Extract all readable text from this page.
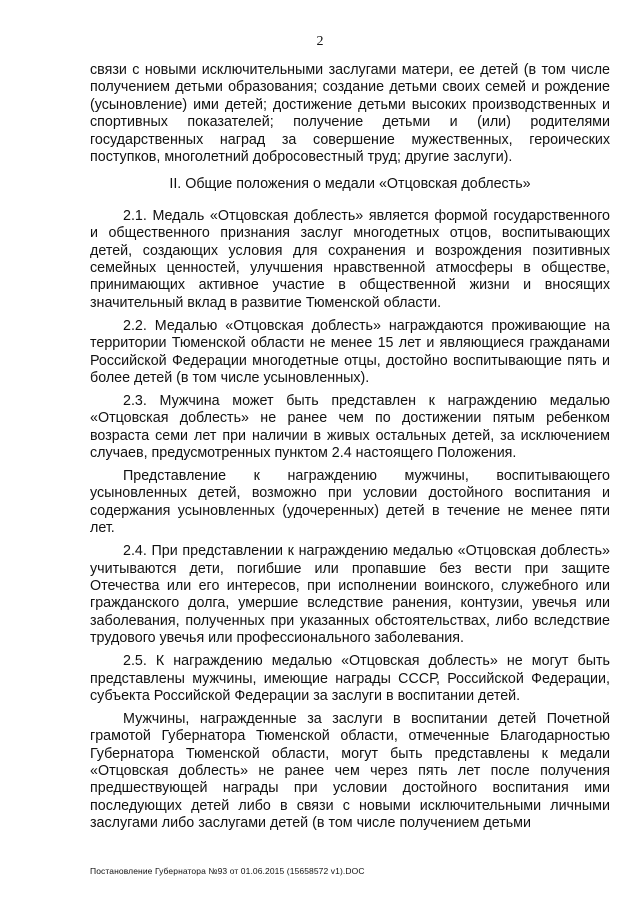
2

связи с новыми исключительными заслугами матери, ее детей (в том числе получением детьми образования; создание детьми своих семей и рождение (усыновление) ими детей; достижение детьми высоких производственных и спортивных показателей; получение детьми и (или) родителями государственных наград за совершение мужественных, героических поступков, многолетний добросовестный труд; другие заслуги).

II. Общие положения о медали «Отцовская доблесть»

2.1. Медаль «Отцовская доблесть» является формой государственного и общественного признания заслуг многодетных отцов, воспитывающих детей, создающих условия для сохранения и возрождения позитивных семейных ценностей, улучшения нравственной атмосферы в обществе, принимающих активное участие в общественной жизни и вносящих значительный вклад в развитие Тюменской области.

2.2. Медалью «Отцовская доблесть» награждаются проживающие на территории Тюменской области не менее 15 лет и являющиеся гражданами Российской Федерации многодетные отцы, достойно воспитывающие пять и более детей (в том числе усыновленных).

2.3. Мужчина может быть представлен к награждению медалью «Отцовская доблесть» не ранее чем по достижении пятым ребенком возраста семи лет при наличии в живых остальных детей, за исключением случаев, предусмотренных пунктом 2.4 настоящего Положения.

Представление к награждению мужчины, воспитывающего усыновленных детей, возможно при условии достойного воспитания и содержания усыновленных (удочеренных) детей в течение не менее пяти лет.

2.4. При представлении к награждению медалью «Отцовская доблесть» учитываются дети, погибшие или пропавшие без вести при защите Отечества или его интересов, при исполнении воинского, служебного или гражданского долга, умершие вследствие ранения, контузии, увечья или заболевания, полученных при указанных обстоятельствах, либо вследствие трудового увечья или профессионального заболевания.

2.5. К награждению медалью «Отцовская доблесть» не могут быть представлены мужчины, имеющие награды СССР, Российской Федерации, субъекта Российской Федерации за заслуги в воспитании детей.

Мужчины, награжденные за заслуги в воспитании детей Почетной грамотой Губернатора Тюменской области, отмеченные Благодарностью Губернатора Тюменской области, могут быть представлены к медали «Отцовская доблесть» не ранее чем через пять лет после получения предшествующей награды при условии достойного воспитания ими последующих детей либо в связи с новыми исключительными личными заслугами либо заслугами детей (в том числе получением детьми

Постановление Губернатора №93 от 01.06.2015 (15658572 v1).DOC
